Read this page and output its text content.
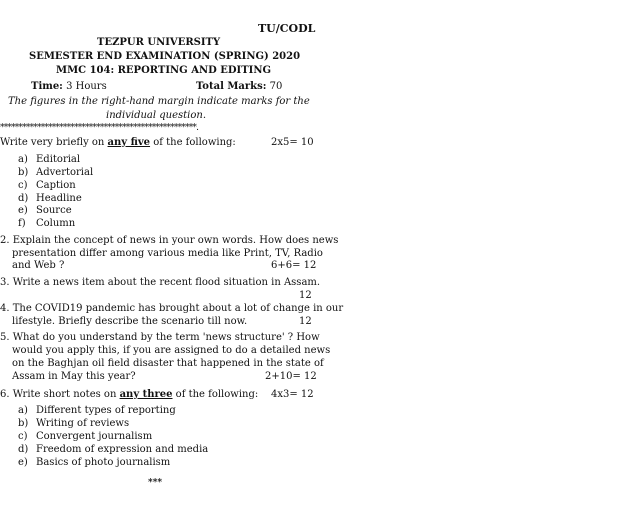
TU/CODL
TEZPUR UNIVERSITY
SEMESTER END EXAMINATION (SPRING) 2020
MMC 104: REPORTING AND EDITING
Time: 3 Hours	Total Marks: 70
The figures in the right-hand margin indicate marks for the
individual question.
*****************************************************.
Write very briefly on any five of the following:	2x5= 10
a) Editorial
b) Advertorial
c) Caption
d) Headline
e) Source
f) Column
2. Explain the concept of news in your own words. How does news
presentation differ among various media like Print, TV, Radio
and Web ?	6+6= 12
3. Write a news item about the recent flood situation in Assam.
12
4. The COVID19 pandemic has brought about a lot of change in our
lifestyle. Briefly describe the scenario till now.	12
5. What do you understand by the term 'news structure' ? How
would you apply this, if you are assigned to do a detailed news
on the Baghjan oil field disaster that happened in the state of
Assam in May this year?	2+10= 12
6. Write short notes on any three of the following: 4x3= 12
a) Different types of reporting
b) Writing of reviews
c) Convergent journalism
d) Freedom of expression and media
e) Basics of photo journalism
***
